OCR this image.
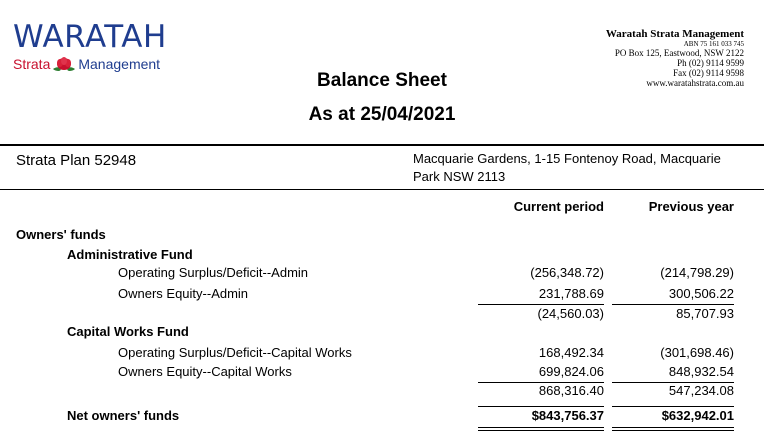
WARATAH
Strata Management
Waratah Strata Management
ABN 75 161 033 745
PO Box 125, Eastwood, NSW 2122
Ph (02) 9114 9599
Fax (02) 9114 9598
www.waratahstrata.com.au
Balance Sheet
As at 25/04/2021
Strata Plan 52948	Macquarie Gardens, 1-15 Fontenoy Road, Macquarie
Park NSW 2113
Current period	Previous year
Owners' funds
Administrative Fund
Operating Surplus/Deficit--Admin	(256,348.72)	(214,798.29)
Owners Equity--Admin	231,788.69	300,506.22
(24,560.03)	85,707.93
Capital Works Fund
Operating Surplus/Deficit--Capital Works	168,492.34	(301,698.46)
Owners Equity--Capital Works	699,824.06	848,932.54
868,316.40	547,234.08
Net owners' funds	$843,756.37	$632,942.01
